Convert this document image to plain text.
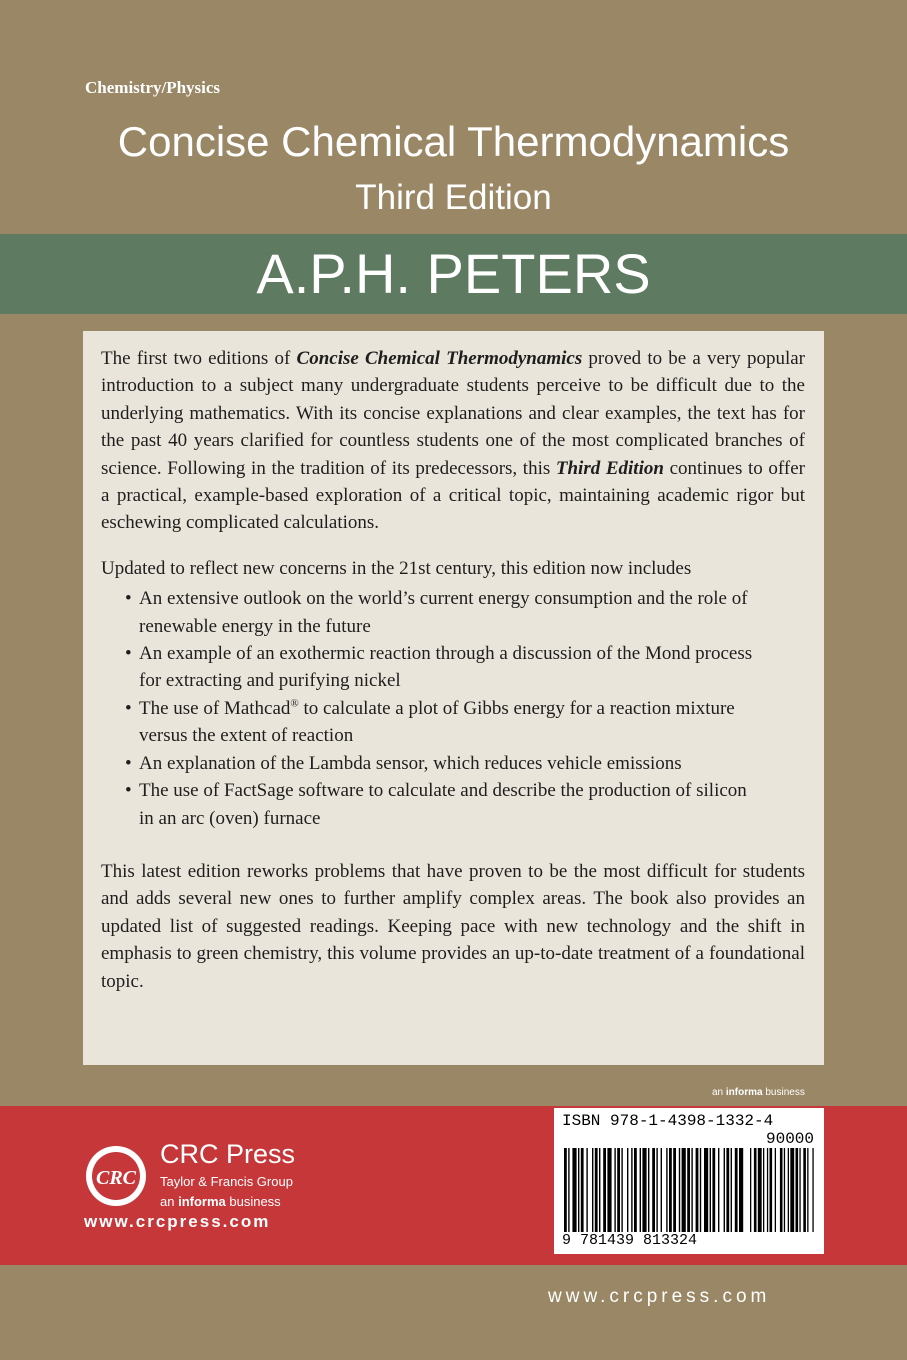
Chemistry/Physics
Concise Chemical Thermodynamics
Third Edition
A.P.H. PETERS

The first two editions of Concise Chemical Thermodynamics proved to be a very popular introduction to a subject many undergraduate students perceive to be difficult due to the underlying mathematics. With its concise explanations and clear examples, the text has for the past 40 years clarified for countless students one of the most complicated branches of science. Following in the tradition of its predecessors, this Third Edition continues to offer a practical, example-based exploration of a critical topic, maintaining academic rigor but eschewing complicated calculations.

Updated to reflect new concerns in the 21st century, this edition now includes

• An extensive outlook on the world’s current energy consumption and the role of renewable energy in the future
• An example of an exothermic reaction through a discussion of the Mond process for extracting and purifying nickel
• The use of Mathcad® to calculate a plot of Gibbs energy for a reaction mixture versus the extent of reaction
• An explanation of the Lambda sensor, which reduces vehicle emissions
• The use of FactSage software to calculate and describe the production of silicon in an arc (oven) furnace

This latest edition reworks problems that have proven to be the most difficult for students and adds several new ones to further amplify complex areas. The book also provides an updated list of suggested readings. Keeping pace with new technology and the shift in emphasis to green chemistry, this volume provides an up-to-date treatment of a foundational topic.

an informa business
CRC
CRC Press
Taylor & Francis Group
an informa business
www.crcpress.com
ISBN 978-1-4398-1332-4
90000
9 781439 813324
www.crcpress.com
